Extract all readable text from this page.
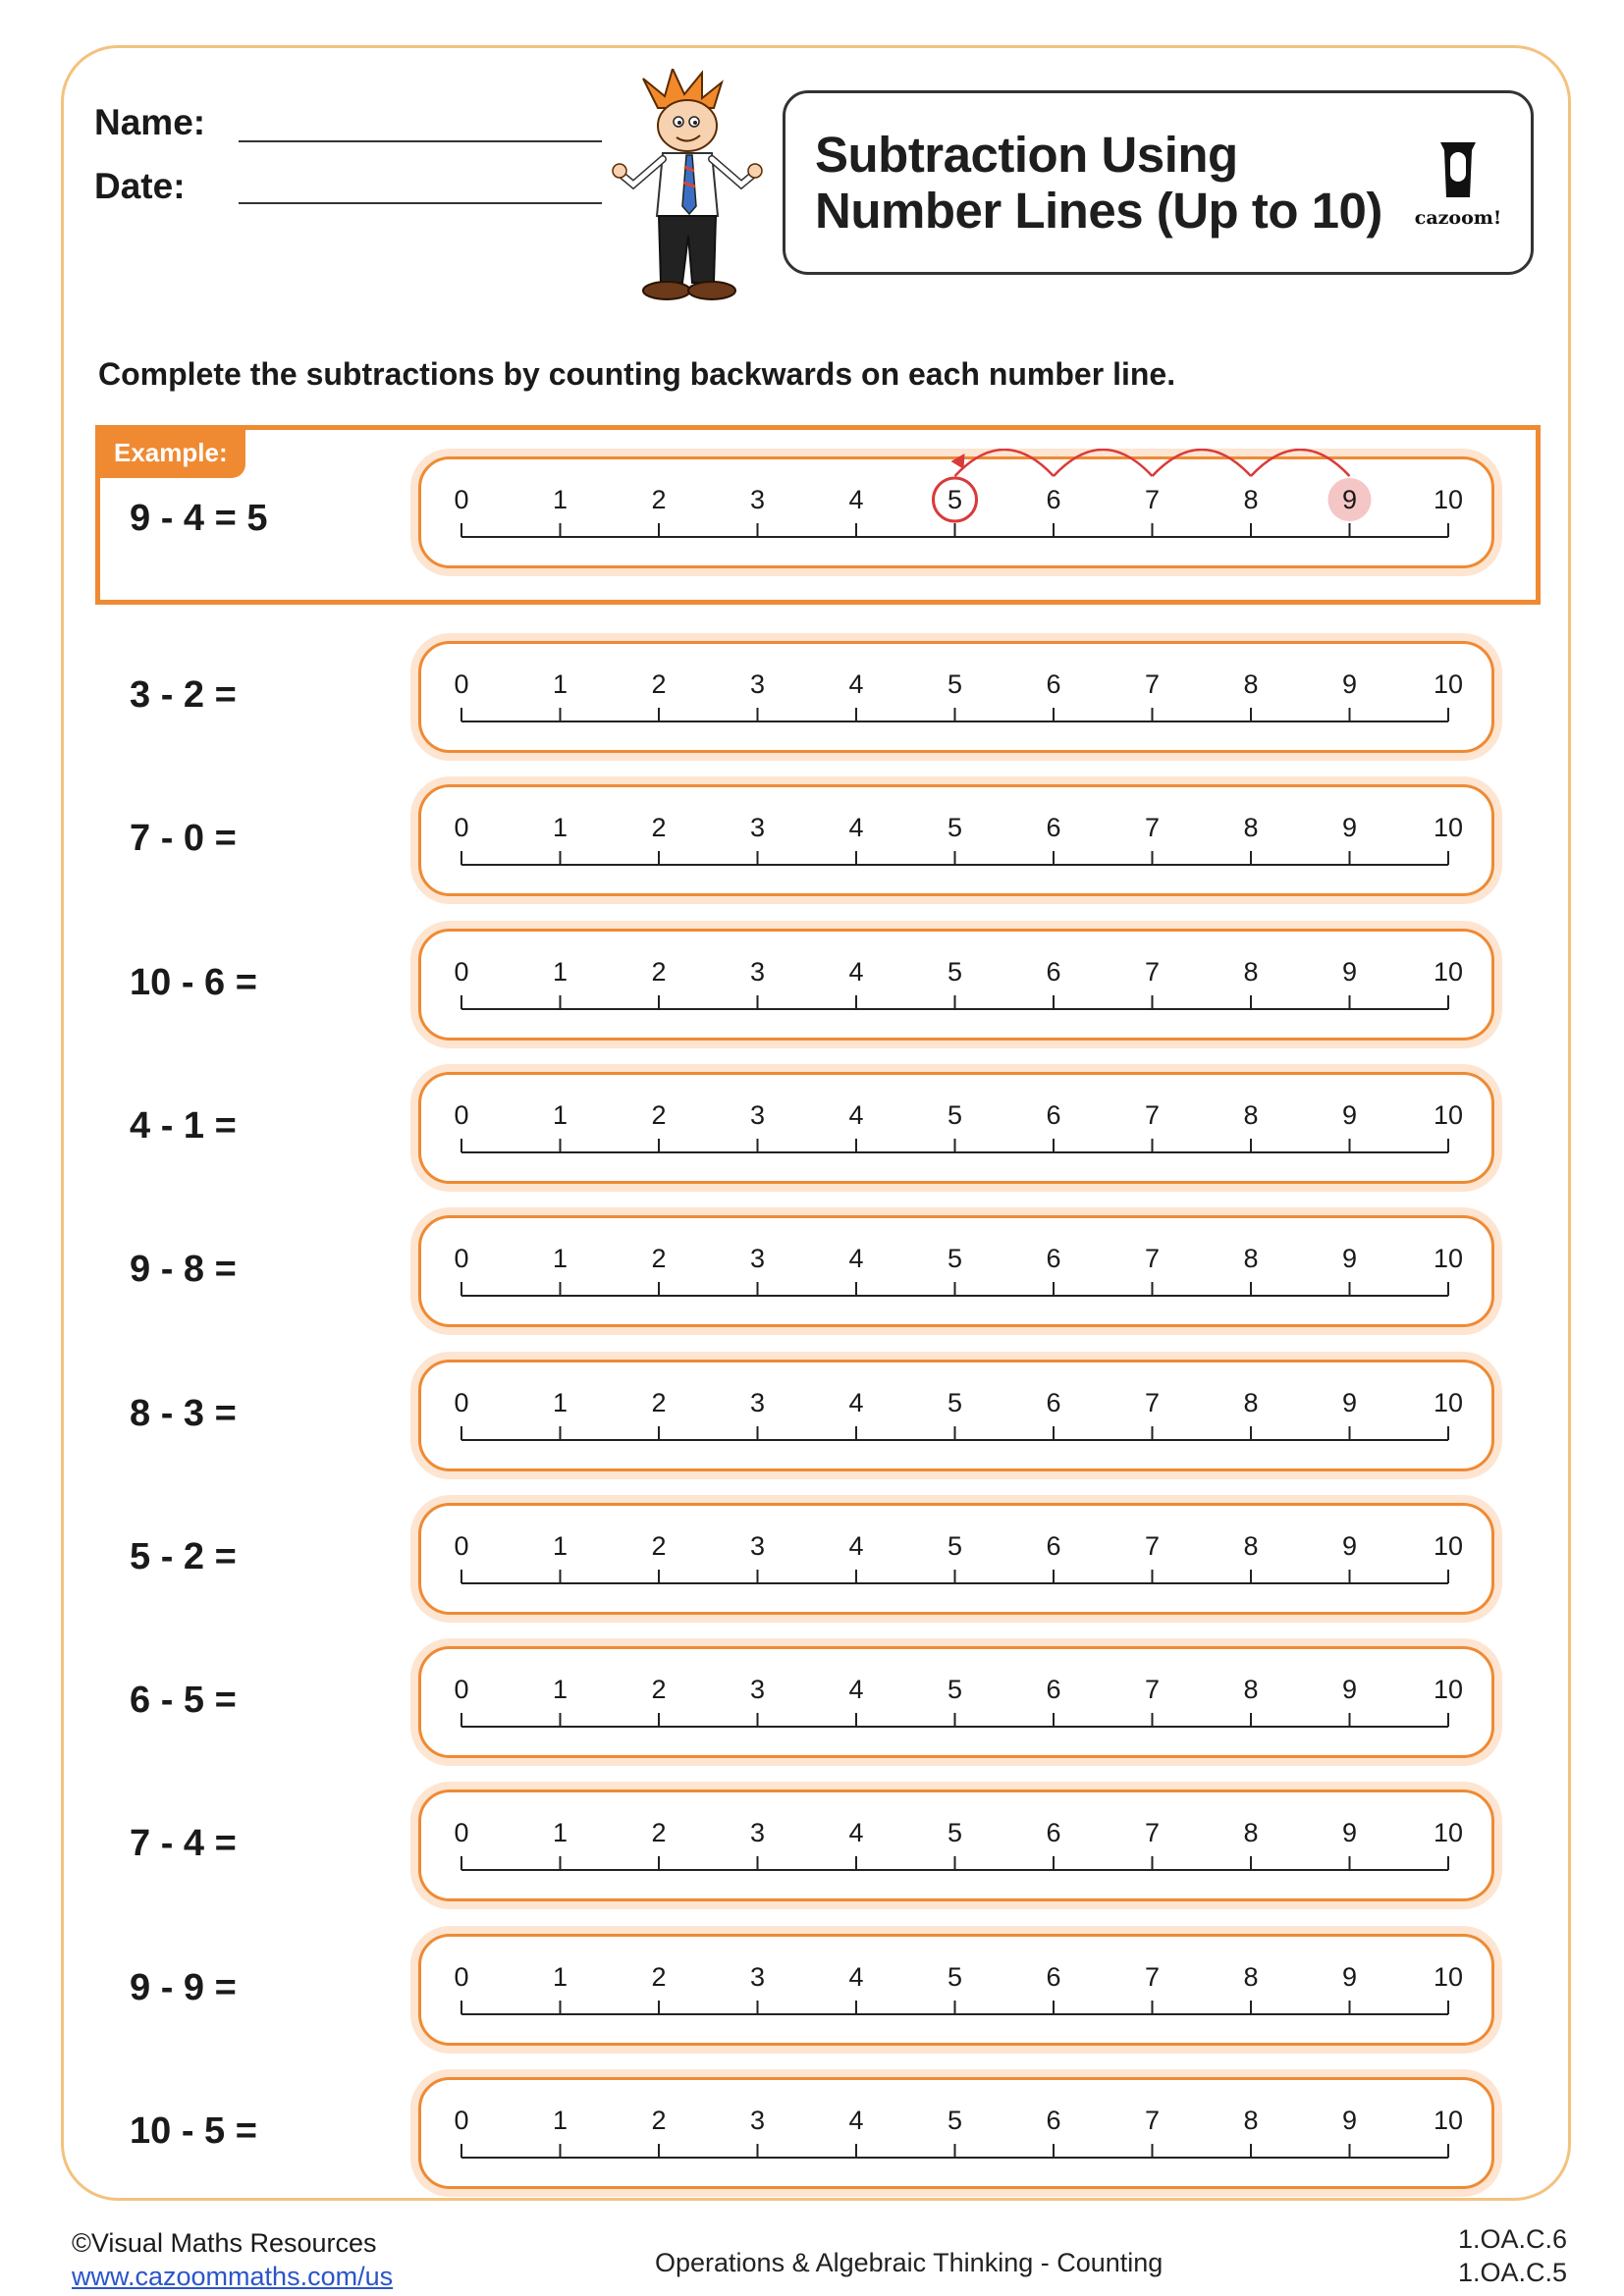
Name:
Date:
Subtraction Using
Number Lines (Up to 10)	cazoom!
Complete the subtractions by counting backwards on each number line.
Example:
9 - 4 = 5	0	1	2	3	4	5	6	7	8	9	10
3 - 2 =	0	1	2	3	4	5	6	7	8	9	10
7 - 0 =	0	1	2	3	4	5	6	7	8	9	10
10 - 6 =	0	1	2	3	4	5	6	7	8	9	10
4 - 1 =	0	1	2	3	4	5	6	7	8	9	10
9 - 8 =	0	1	2	3	4	5	6	7	8	9	10
8 - 3 =	0	1	2	3	4	5	6	7	8	9	10
5 - 2 =	0	1	2	3	4	5	6	7	8	9	10
6 - 5 =	0	1	2	3	4	5	6	7	8	9	10
7 - 4 =	0	1	2	3	4	5	6	7	8	9	10
9 - 9 =	0	1	2	3	4	5	6	7	8	9	10
10 - 5 =	0	1	2	3	4	5	6	7	8	9	10
©Visual Maths Resources
www.cazoommaths.com/us	Operations & Algebraic Thinking - Counting
1.OA.C.6
1.OA.C.5
